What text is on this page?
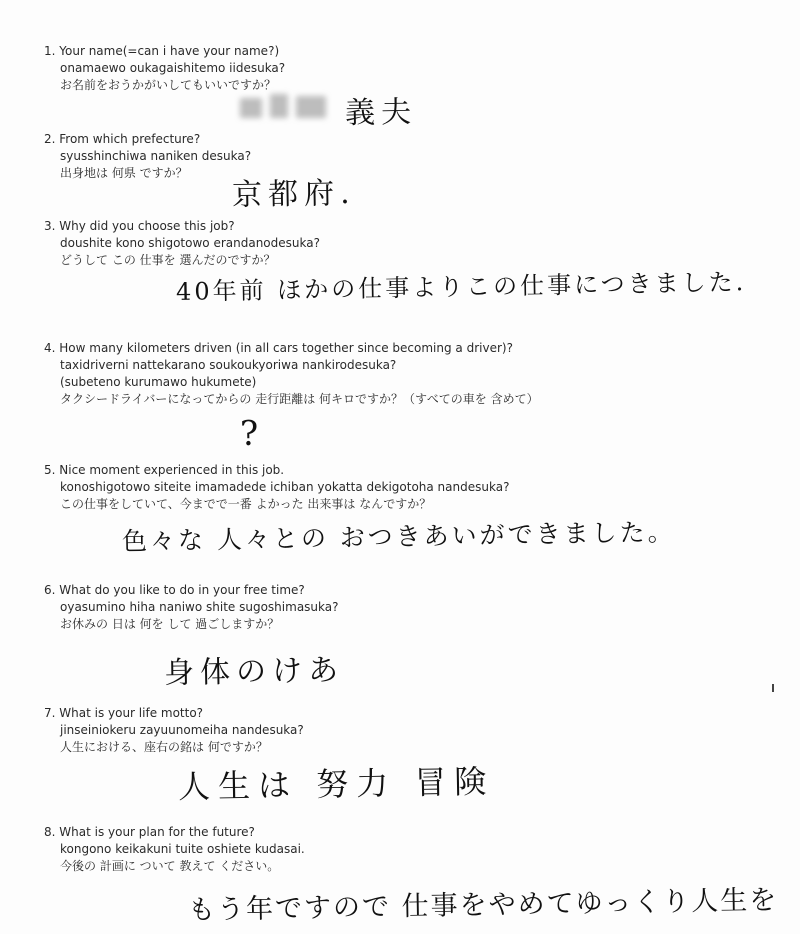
1. Your name(=can i have your name?)
onamaewo oukagaishitemo iidesuka?
お名前をおうかがいしてもいいですか？
義夫
2. From which prefecture?
syusshinchiwa naniken desuka?
出身地は 何県 ですか？
京都府.
3. Why did you choose this job?
doushite kono shigotowo erandanodesuka?
どうして この 仕事を 選んだのですか？
40年前 ほかの仕事よりこの仕事につきました.
4. How many kilometers driven (in all cars together since becoming a driver)?
taxidriverni nattekarano soukoukyoriwa nankirodesuka?
(subeteno kurumawo hukumete)
タクシードライバーになってからの 走行距離は 何キロですか？（すべての車を 含めて）
?
5. Nice moment experienced in this job.
konoshigotowo siteite imamadede ichiban yokatta dekigotoha nandesuka?
この仕事をしていて、今までで一番 よかった 出来事は なんですか？
色々な 人々との おつきあいができました。
6. What do you like to do in your free time?
oyasumino hiha naniwo shite sugoshimasuka?
お休みの 日は 何を して 過ごしますか？
身体のけあ
7. What is your life motto?
jinseiniokeru zayuunomeiha nandesuka?
人生における、座右の銘は 何ですか？
人生は 努力 冒険
8. What is your plan for the future?
kongono keikakuni tuite oshiete kudasai.
今後の 計画に ついて 教えて ください。
もう年ですので 仕事をやめてゆっくり人生を
